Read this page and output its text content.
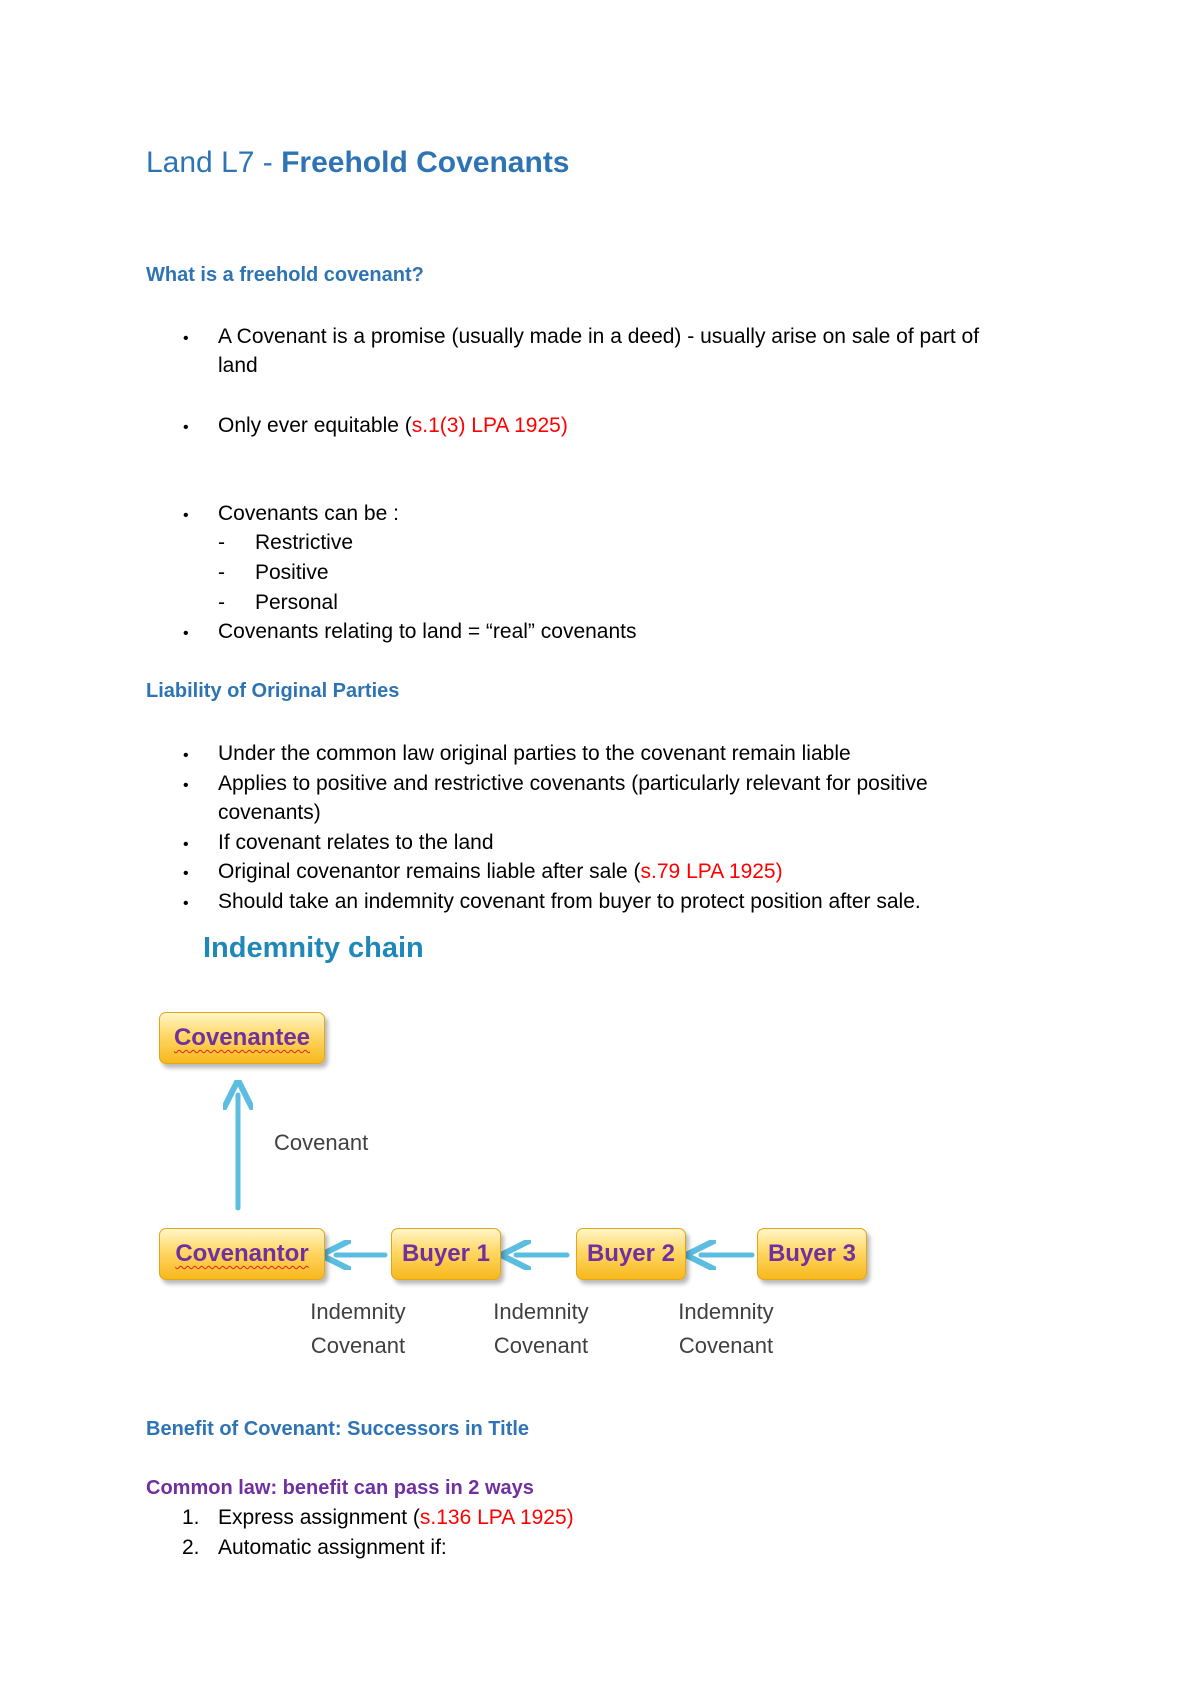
Land L7 - Freehold Covenants
What is a freehold covenant?
• A Covenant is a promise (usually made in a deed) - usually arise on sale of part of
land
• Only ever equitable (s.1(3) LPA 1925)
• Covenants can be :
- Restrictive
- Positive
- Personal
• Covenants relating to land = “real” covenants
Liability of Original Parties
• Under the common law original parties to the covenant remain liable
• Applies to positive and restrictive covenants (particularly relevant for positive
covenants)
• If covenant relates to the land
• Original covenantor remains liable after sale (s.79 LPA 1925)
• Should take an indemnity covenant from buyer to protect position after sale.
Indemnity chain
Covenantee
Covenant
Covenantor	Buyer 1	Buyer 2	Buyer 3
Indemnity
Covenant
Indemnity
Covenant
Indemnity
Covenant
Benefit of Covenant: Successors in Title
Common law: benefit can pass in 2 ways
1. Express assignment (s.136 LPA 1925)
2. Automatic assignment if:
